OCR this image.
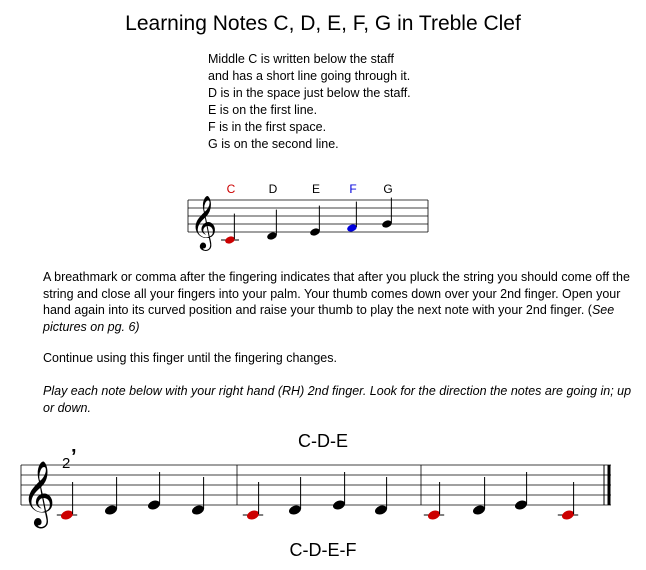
Learning Notes C, D, E, F, G in Treble Clef
Middle C is written below the staff
and has a short line going through it.
D is in the space just below the staff.
E is on the first line.
F is in the first space.
G is on the second line.
𝄞
C	D	E F G

A breathmark or comma after the fingering indicates that after you pluck the string you should come off the string and close all your fingers into your palm. Your thumb comes down over your 2nd finger. Open your hand again into its curved position and raise your thumb to play the next note with your 2nd finger. (See pictures on pg. 6)

Continue using this finger until the fingering changes.

Play each note below with your right hand (RH) 2nd finger. Look for the direction the notes are going in; up or down.

C-D-E
𝄞 2 ’
C-D-E-F
